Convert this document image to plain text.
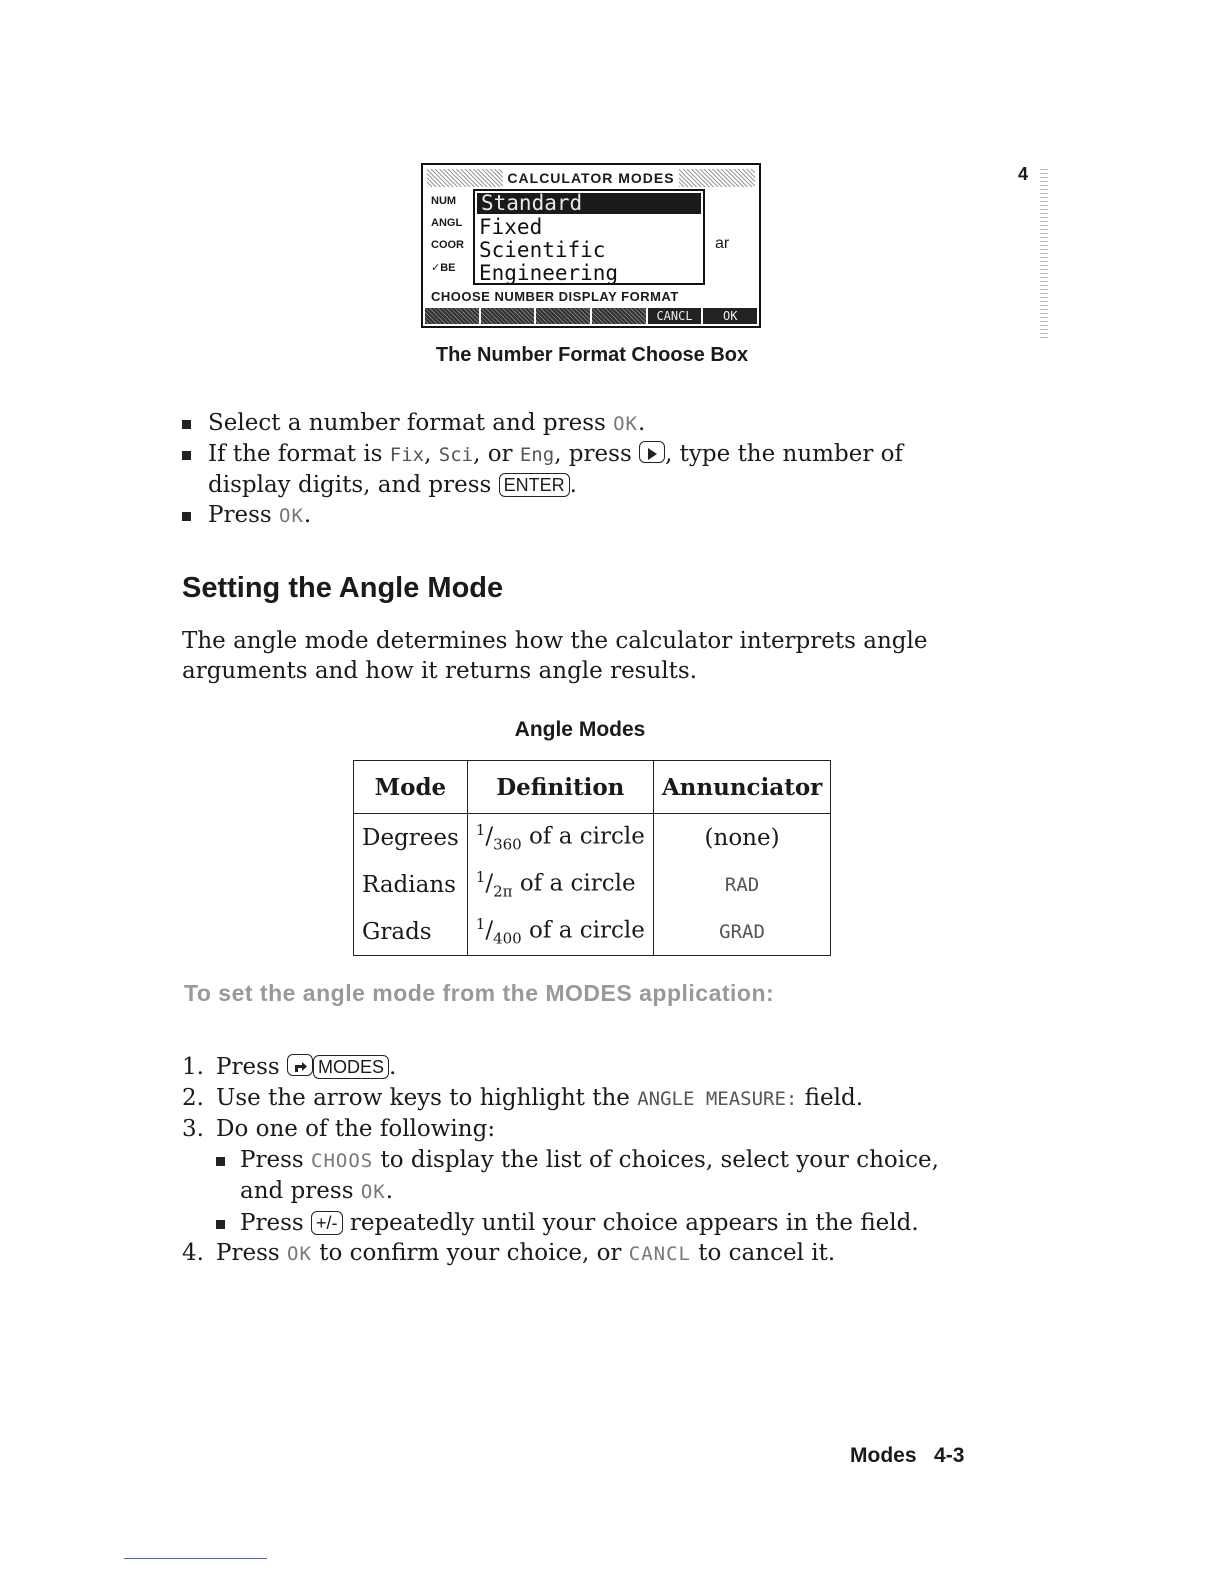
CALCULATOR MODES
NUM
ANGL
COOR
✓BE
Standard
Fixed
Scientific
Engineering
ar
CHOOSE NUMBER DISPLAY FORMAT
CANCL	OK
The Number Format Choose Box
4
Select a number format and press OK.
If the format is Fix, Sci, or Eng, press , type the number of display digits, and press ENTER .
Press OK.
Setting the Angle Mode
The angle mode determines how the calculator interprets angle arguments and how it returns angle results.
Angle Modes
Mode	Definition	Annunciator
Degrees	$^1/_{360}$ of a circle	(none)
Radians	$^1/_{2\pi}$ of a circle	RAD
Grads	$^1/_{400}$ of a circle	GRAD
To set the angle mode from the MODES application:
1. Press MODES .
2. Use the arrow keys to highlight the ANGLE MEASURE: field.
3. Do one of the following:
Press CHOOS to display the list of choices, select your choice, and press OK.
Press +/- repeatedly until your choice appears in the field.
4. Press OK to confirm your choice, or CANCL to cancel it.
Modes 4-3
